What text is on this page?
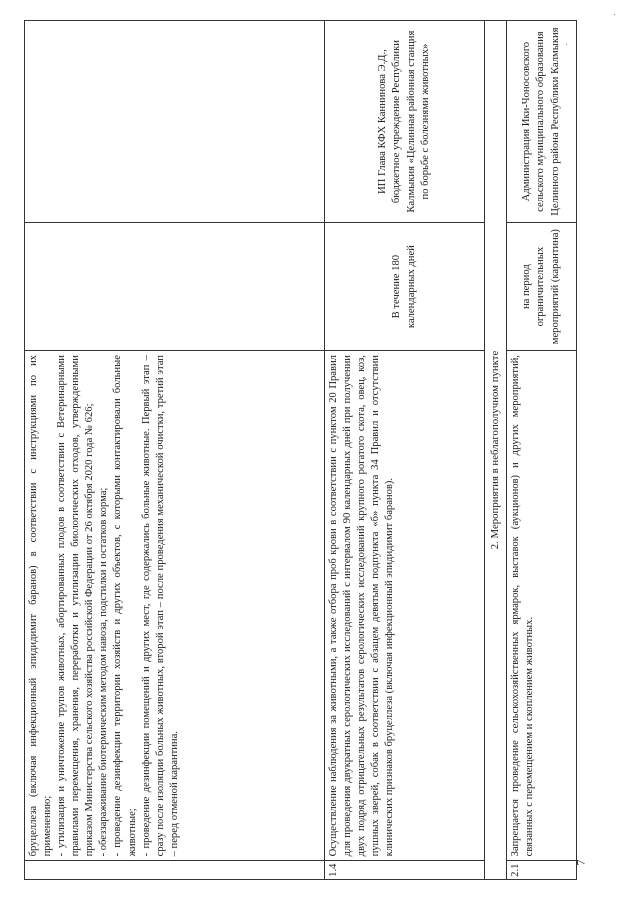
	бруцеллеза (включая инфекционный эпидидимит баранов) в соответствии с инструкциями по их применению;
- утилизация и уничтожение трупов животных, абортированных плодов в соответствии с Ветеринарными правилами перемещения, хранения, переработки и утилизации биологических отходов, утвержденными приказом Министерства сельского хозяйства российской Федерации от 26 октября 2020 года № 626;
- обеззараживание биотермическим методом навоза, подстилки и остатков корма;
- проведение дезинфекции территории хозяйств и других объектов, с которыми контактировали больные животные;
- проведение дезинфекции помещений и других мест, где содержались больные животные. Первый этап – сразу после изоляции больных животных, второй этап – после проведения механической очистки, третий этап – перед отменой карантина.		

1.4	Осуществление наблюдения за животными, а также отбора проб крови в соответствии с пунктом 20 Правил для проведения двукратных серологических исследований с интервалом 90 календарных дней при получении двух подряд отрицательных результатов серологических исследований крупного рогатого скота, овец, коз, пушных зверей, собак в соответствии с абзацем девятым подпункта «б» пункта 34 Правил и отсутствии клинических признаков бруцеллеза (включая инфекционный эпидидимит баранов).	В течение 180 календарных дней	ИП Глава КФХ Каннинова Э.Д., бюджетное учреждение Республики Калмыкия «Целинная районная станция по борьбе с болезнями животных»
2. Мероприятия в неблагополучном пункте			
2.1	Запрещается проведение сельскохозяйственных ярмарок, выставок (аукционов) и других мероприятий, связанных с перемещением и скоплением животных.	на период ограничительных мероприятий (карантина)	Администрация Ики-Чоносовского сельского муниципального образования Целинного района Республики Калмыкия
7
